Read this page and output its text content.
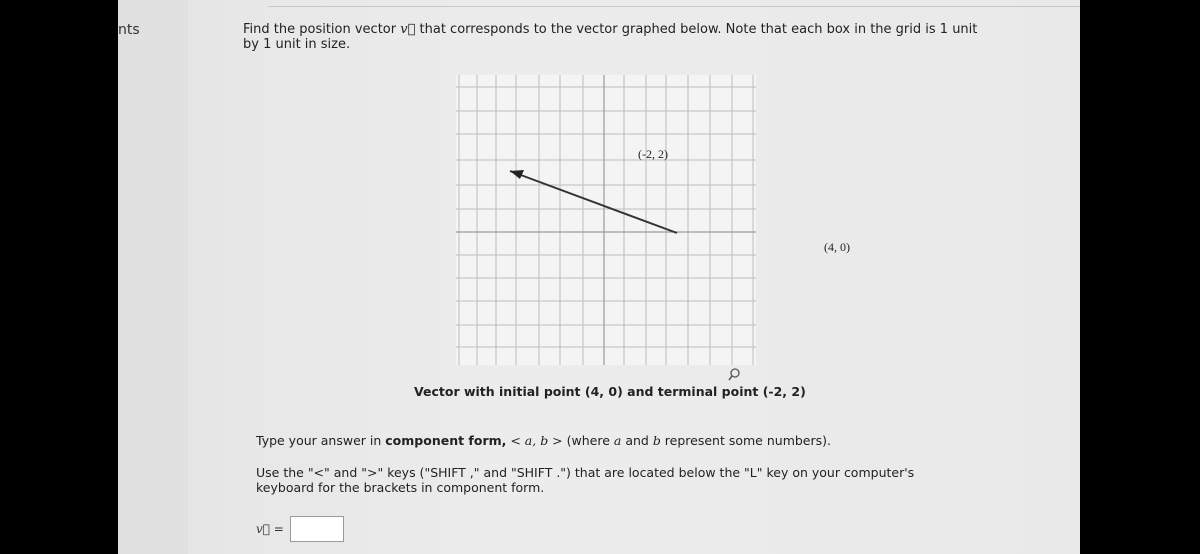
nts	Find the position vector v⃗ that corresponds to the vector graphed below. Note that each box in the grid is 1 unit by 1 unit in size.
(-2, 2)
(4, 0)
Vector with initial point (4, 0) and terminal point (-2, 2)

Type your answer in component form, < a, b > (where a and b represent some numbers).

Use the "<" and ">" keys ("SHIFT ," and "SHIFT .") that are located below the "L" key on your computer's keyboard for the brackets in component form.

v⃗ =
